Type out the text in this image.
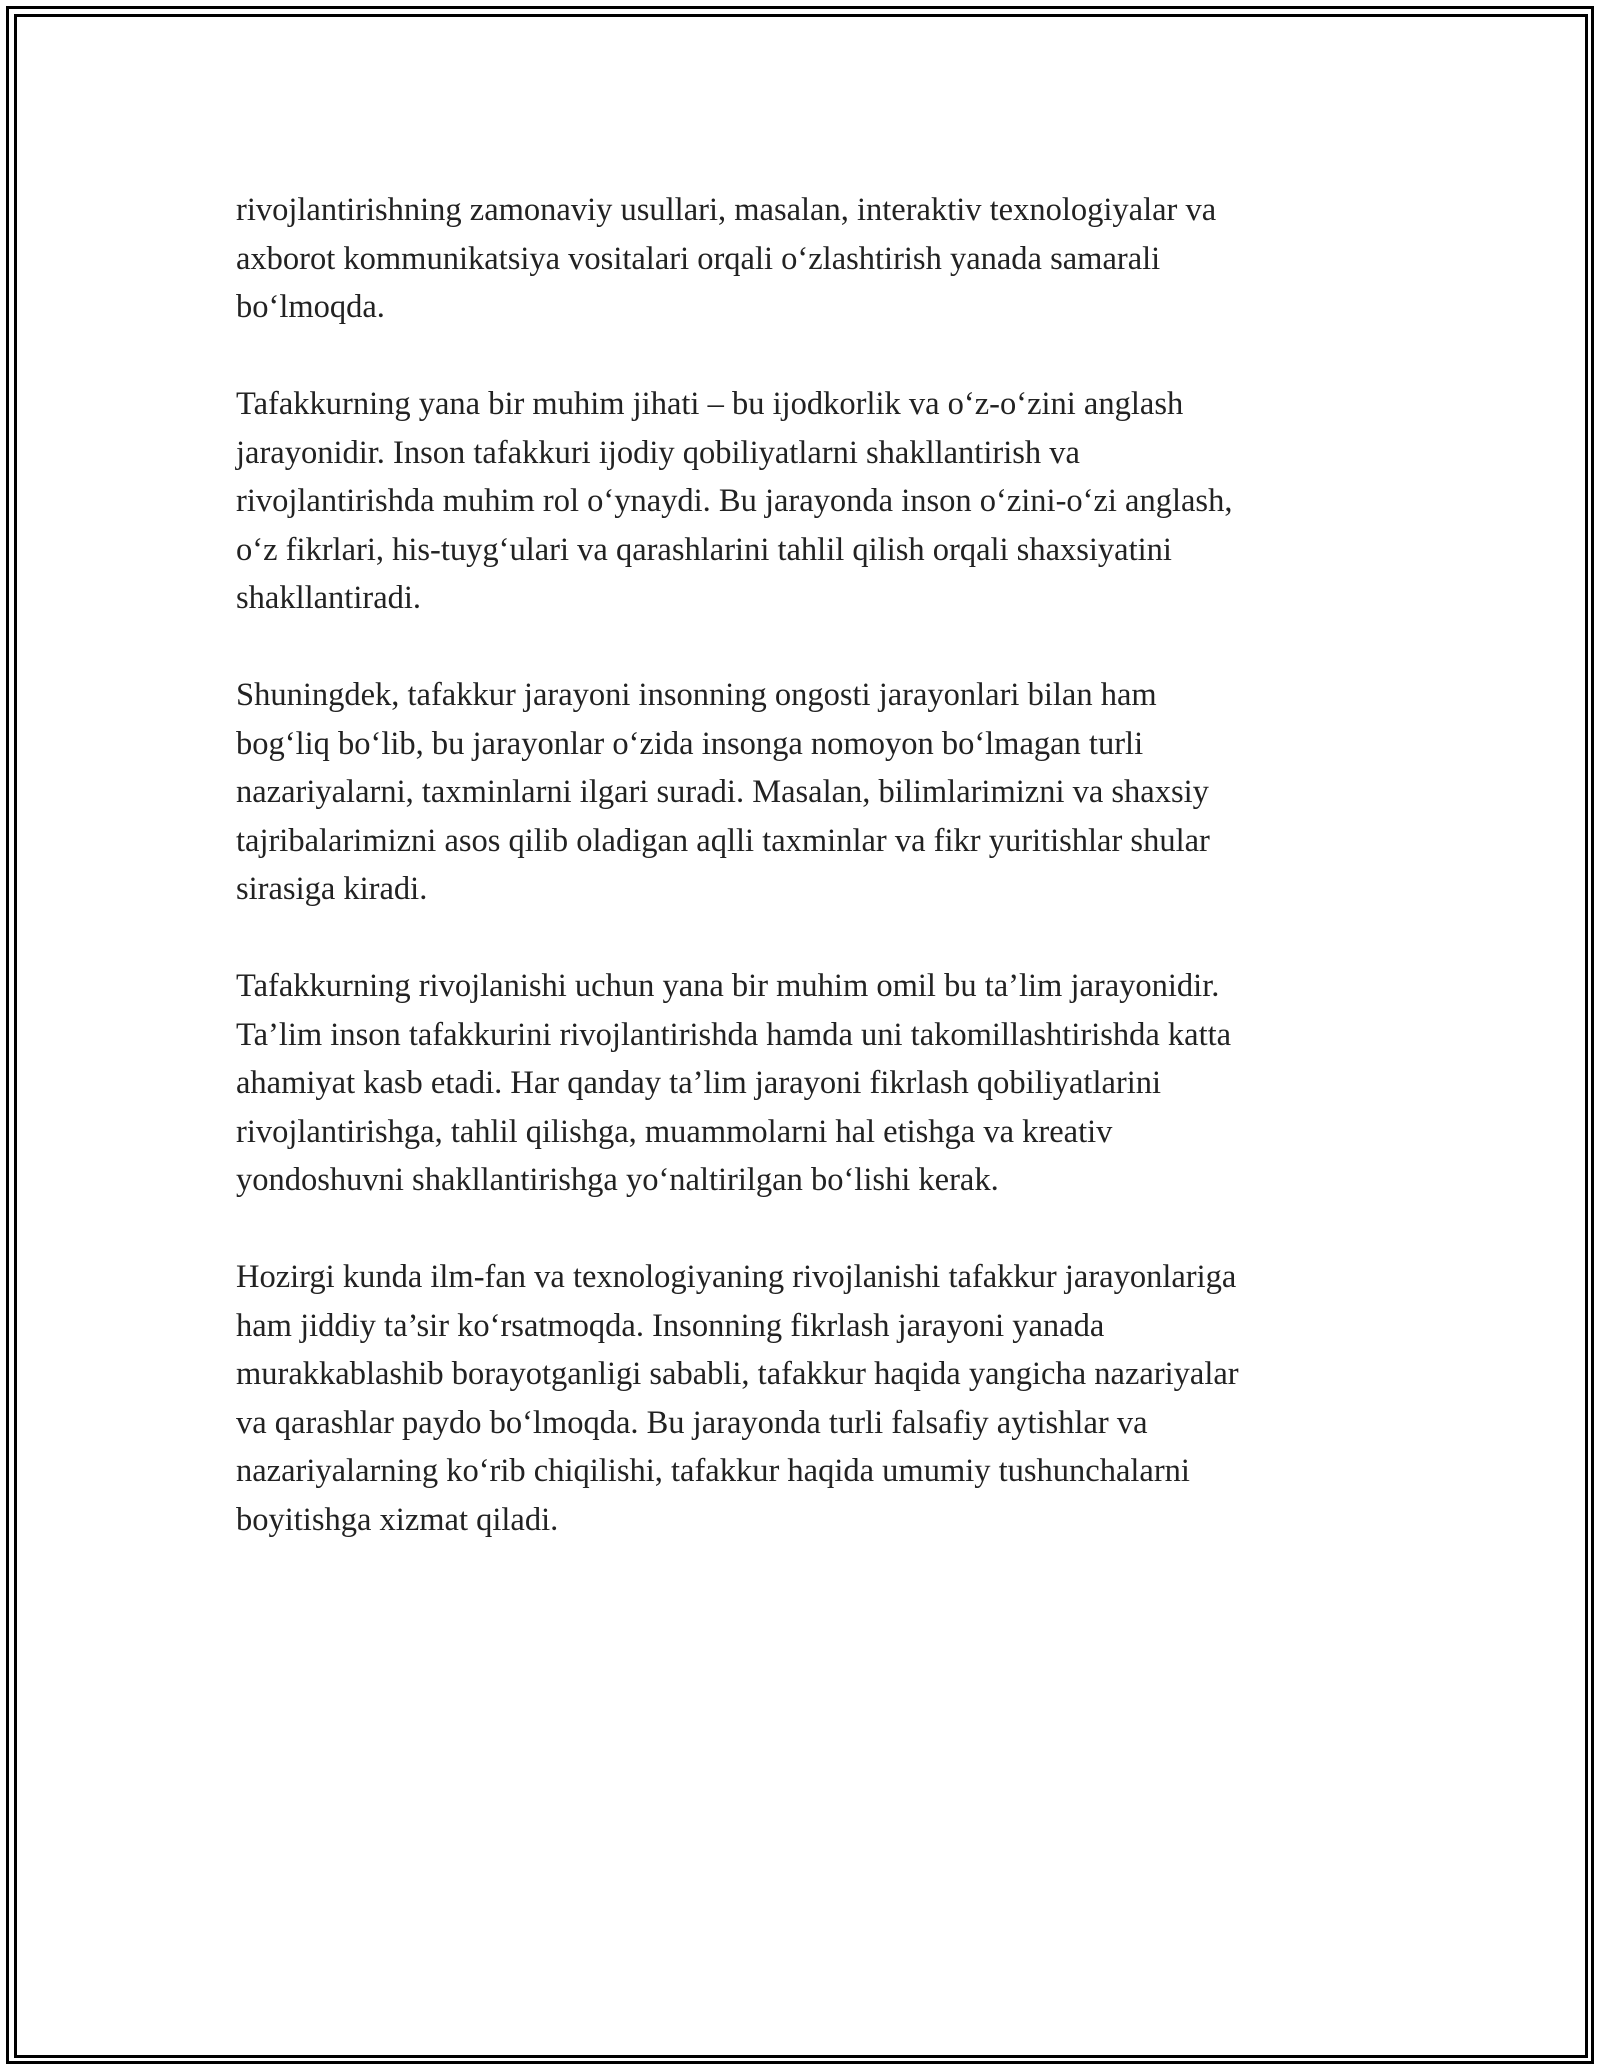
rivojlantirishning zamonaviy usullari, masalan, interaktiv texnologiyalar va
axborot kommunikatsiya vositalari orqali o‘zlashtirish yanada samarali
bo‘lmoqda.

Tafakkurning yana bir muhim jihati – bu ijodkorlik va o‘z-o‘zini anglash
jarayonidir. Inson tafakkuri ijodiy qobiliyatlarni shakllantirish va
rivojlantirishda muhim rol o‘ynaydi. Bu jarayonda inson o‘zini-o‘zi anglash,
o‘z fikrlari, his-tuyg‘ulari va qarashlarini tahlil qilish orqali shaxsiyatini
shakllantiradi.

Shuningdek, tafakkur jarayoni insonning ongosti jarayonlari bilan ham
bog‘liq bo‘lib, bu jarayonlar o‘zida insonga nomoyon bo‘lmagan turli
nazariyalarni, taxminlarni ilgari suradi. Masalan, bilimlarimizni va shaxsiy
tajribalarimizni asos qilib oladigan aqlli taxminlar va fikr yuritishlar shular
sirasiga kiradi.

Tafakkurning rivojlanishi uchun yana bir muhim omil bu ta’lim jarayonidir.
Ta’lim inson tafakkurini rivojlantirishda hamda uni takomillashtirishda katta
ahamiyat kasb etadi. Har qanday ta’lim jarayoni fikrlash qobiliyatlarini
rivojlantirishga, tahlil qilishga, muammolarni hal etishga va kreativ
yondoshuvni shakllantirishga yo‘naltirilgan bo‘lishi kerak.

Hozirgi kunda ilm-fan va texnologiyaning rivojlanishi tafakkur jarayonlariga
ham jiddiy ta’sir ko‘rsatmoqda. Insonning fikrlash jarayoni yanada
murakkablashib borayotganligi sababli, tafakkur haqida yangicha nazariyalar
va qarashlar paydo bo‘lmoqda. Bu jarayonda turli falsafiy aytishlar va
nazariyalarning ko‘rib chiqilishi, tafakkur haqida umumiy tushunchalarni
boyitishga xizmat qiladi.
